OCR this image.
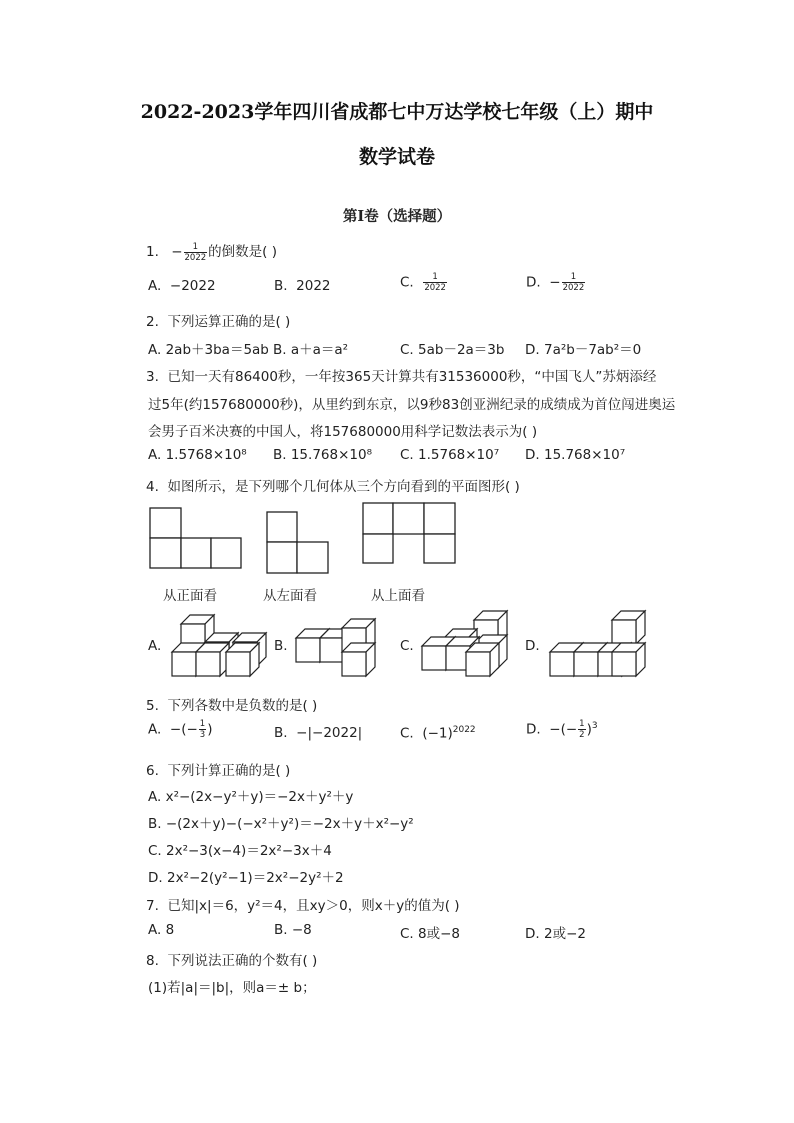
2022-2023学年四川省成都七中万达学校七年级（上）期中
数学试卷
第Ⅰ卷（选择题）
1. − $\frac{1}{2022}$ 的倒数是( )
A. −2022	B. 2022	C. $\frac{1}{2022}$	D. − $\frac{1}{2022}$
2. 下列运算正确的是( )
A. 2ab＋3ba＝5ab B. a＋a＝a²	C. 5ab－2a＝3b D. 7a²b－7ab²＝0
3. 已知一天有86400秒，一年按365天计算共有31536000秒，“中国飞人”苏炳添经
过5年(约157680000秒)，从里约到东京，以9秒83创亚洲纪录的成绩成为首位闯进奥运
会男子百米决赛的中国人，将157680000用科学记数法表示为( )
A. 1.5768×10⁸ B. 15.768×10⁸ C. 1.5768×10⁷ D. 15.768×10⁷
4. 如图所示，是下列哪个几何体从三个方向看到的平面图形( )
从正面看	从左面看	从上面看
A.	B.	C.	D.
5. 下列各数中是负数的是( )
A. −(− $\frac{1}{3}$ )	B. −|−2022|	C. $(-1)^{2022}$	D. −(− $\frac{1}{2} )^3$
6. 下列计算正确的是( )
A. x²−(2x−y²＋y)＝−2x＋y²＋y
B. −(2x＋y)−(−x²＋y²)＝−2x＋y＋x²−y²
C. 2x²−3(x−4)＝2x²−3x＋4
D. 2x²−2(y²−1)＝2x²−2y²＋2
7. 已知|x|＝6，y²＝4，且xy＞0，则x＋y的值为( )
A. 8	B. −8	C. 8或−8	D. 2或−2
8. 下列说法正确的个数有( )
(1)若|a|＝|b|，则a＝± b；
